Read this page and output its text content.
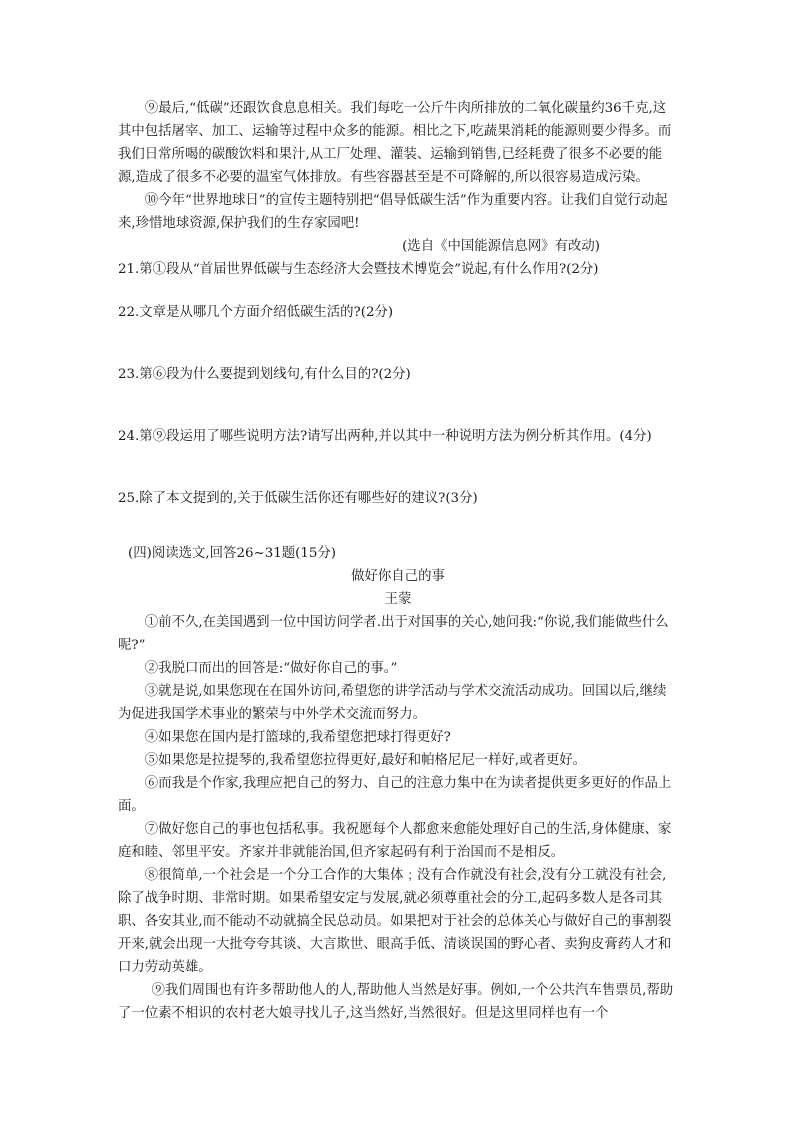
⑨最后,“低碳”还跟饮食息息相关。我们每吃一公斤牛肉所排放的二氧化碳量约36千克,这其中包括屠宰、加工、运输等过程中众多的能源。相比之下,吃蔬果消耗的能源则要少得多。而我们日常所喝的碳酸饮料和果汁,从工厂处理、灌装、运输到销售,已经耗费了很多不必要的能源,造成了很多不必要的温室气体排放。有些容器甚至是不可降解的,所以很容易造成污染。

⑩今年“世界地球日”的宣传主题特别把“倡导低碳生活”作为重要内容。让我们自觉行动起来,珍惜地球资源,保护我们的生存家园吧!

(选自《中国能源信息网》有改动)

21.第①段从“首届世界低碳与生态经济大会暨技术博览会”说起,有什么作用?(2分)

22.文章是从哪几个方面介绍低碳生活的?(2分)

23.第⑥段为什么要提到划线句,有什么目的?(2分)

24.第⑨段运用了哪些说明方法?请写出两种,并以其中一种说明方法为例分析其作用。(4分)

25.除了本文提到的,关于低碳生活你还有哪些好的建议?(3分)

(四)阅读选文,回答26~31题(15分)

做好你自己的事

王蒙

①前不久,在美国遇到一位中国访问学者.出于对国事的关心,她问我:“你说,我们能做些什么呢?”

②我脱口而出的回答是:“做好你自己的事。”

③就是说,如果您现在在国外访问,希望您的讲学活动与学术交流活动成功。回国以后,继续为促进我国学术事业的繁荣与中外学术交流而努力。

④如果您在国内是打篮球的,我希望您把球打得更好?

⑤如果您是拉提琴的,我希望您拉得更好,最好和帕格尼尼一样好,或者更好。

⑥而我是个作家,我理应把自己的努力、自己的注意力集中在为读者提供更多更好的作品上面。

⑦做好您自己的事也包括私事。我祝愿每个人都愈来愈能处理好自己的生活,身体健康、家庭和睦、邻里平安。齐家并非就能治国,但齐家起码有利于治国而不是相反。

⑧很简单,一个社会是一个分工合作的大集体﹔没有合作就没有社会,没有分工就没有社会,除了战争时期、非常时期。如果希望安定与发展,就必须尊重社会的分工,起码多数人是各司其职、各安其业,而不能动不动就搞全民总动员。如果把对于社会的总体关心与做好自己的事割裂开来,就会出现一大批夸夸其谈、大言欺世、眼高手低、清谈误国的野心者、卖狗皮膏药人才和口力劳动英雄。

⑨我们周围也有许多帮助他人的人,帮助他人当然是好事。例如,一个公共汽车售票员,帮助了一位素不相识的农村老大娘寻找儿子,这当然好,当然很好。但是这里同样也有一个
